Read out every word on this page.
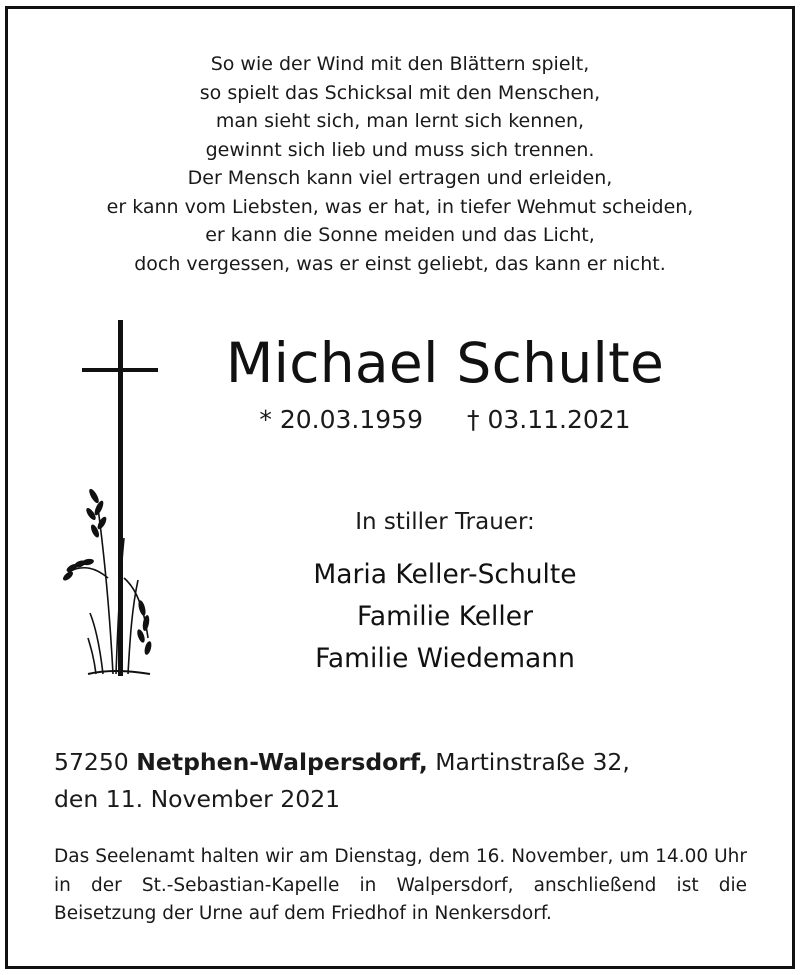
So wie der Wind mit den Blättern spielt,
so spielt das Schicksal mit den Menschen,
man sieht sich, man lernt sich kennen,
gewinnt sich lieb und muss sich trennen.
Der Mensch kann viel ertragen und erleiden,
er kann vom Liebsten, was er hat, in tiefer Wehmut scheiden,
er kann die Sonne meiden und das Licht,
doch vergessen, was er einst geliebt, das kann er nicht.
Michael Schulte
* 20.03.1959 † 03.11.2021
In stiller Trauer:
Maria Keller-Schulte
Familie Keller
Familie Wiedemann
57250 Netphen-Walpersdorf, Martinstraße 32,
den 11. November 2021
Das Seelenamt halten wir am Dienstag, dem 16. November, um 14.00 Uhr in der St.-Sebastian-Kapelle in Walpersdorf, anschließend ist die Beisetzung der Urne auf dem Friedhof in Nenkersdorf.
